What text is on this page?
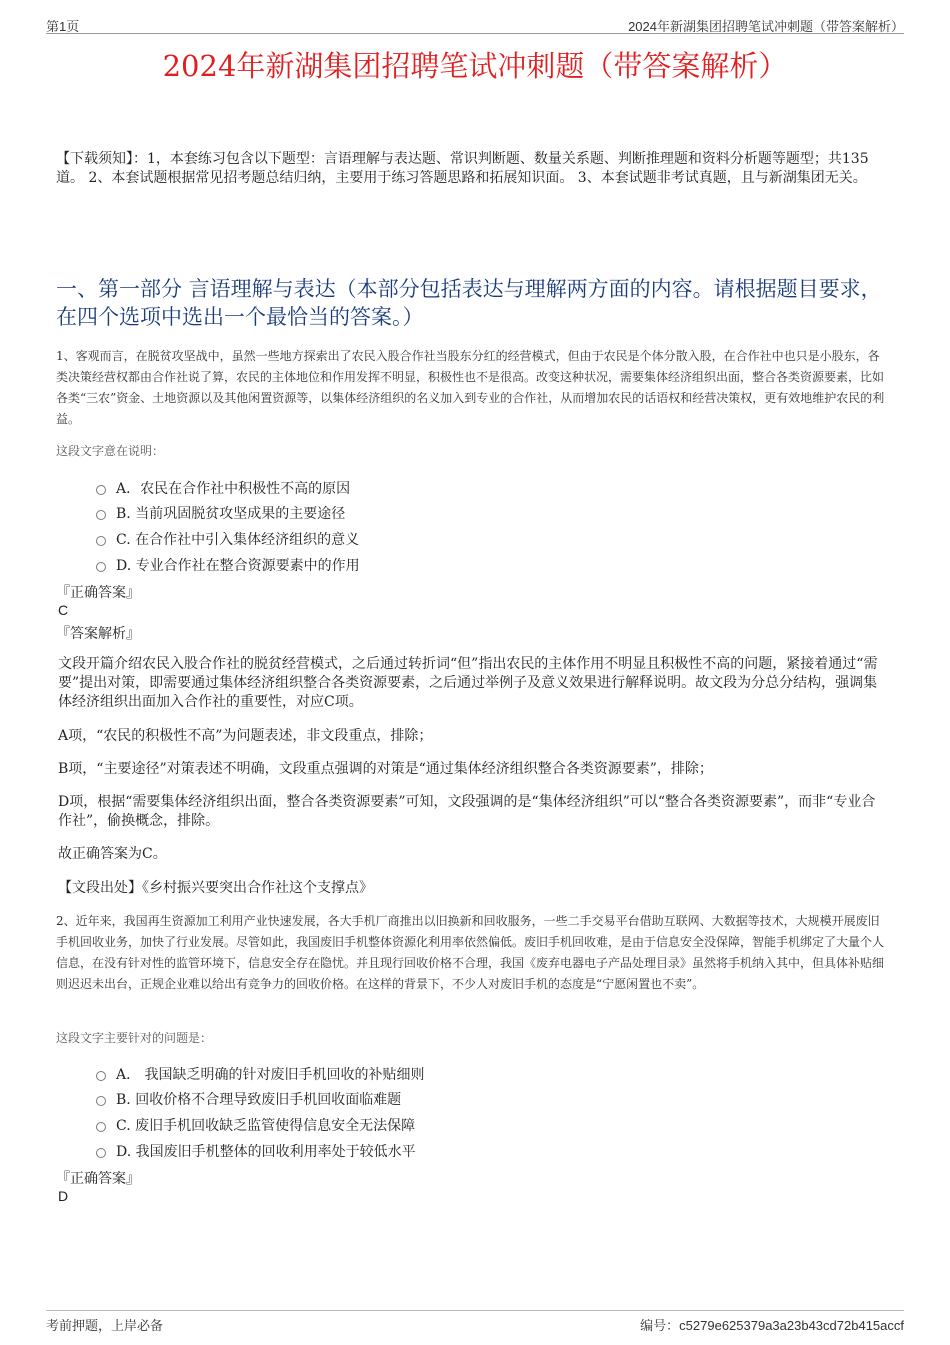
第1页	2024年新湖集团招聘笔试冲刺题（带答案解析）
2024年新湖集团招聘笔试冲刺题（带答案解析）
【下载须知】：1，本套练习包含以下题型：言语理解与表达题、常识判断题、数量关系题、判断推理题和资料分析题等题型；共135道。 2、本套试题根据常见招考题总结归纳，主要用于练习答题思路和拓展知识面。 3、本套试题非考试真题，且与新湖集团无关。
一、第一部分 言语理解与表达（本部分包括表达与理解两方面的内容。请根据题目要求，在四个选项中选出一个最恰当的答案。）
1、客观而言，在脱贫攻坚战中，虽然一些地方探索出了农民入股合作社当股东分红的经营模式，但由于农民是个体分散入股，在合作社中也只是小股东，各类决策经营权都由合作社说了算，农民的主体地位和作用发挥不明显，积极性也不是很高。改变这种状况，需要集体经济组织出面，整合各类资源要素，比如各类“三农”资金、土地资源以及其他闲置资源等，以集体经济组织的名义加入到专业的合作社，从而增加农民的话语权和经营决策权，更有效地维护农民的利益。
这段文字意在说明：
A．农民在合作社中积极性不高的原因
B. 当前巩固脱贫攻坚成果的主要途径
C. 在合作社中引入集体经济组织的意义
D. 专业合作社在整合资源要素中的作用
『正确答案』
C
『答案解析』
文段开篇介绍农民入股合作社的脱贫经营模式，之后通过转折词“但”指出农民的主体作用不明显且积极性不高的问题，紧接着通过“需要”提出对策，即需要通过集体经济组织整合各类资源要素，之后通过举例子及意义效果进行解释说明。故文段为分总分结构，强调集体经济组织出面加入合作社的重要性，对应C项。
A项，“农民的积极性不高”为问题表述，非文段重点，排除；
B项，“主要途径”对策表述不明确，文段重点强调的对策是“通过集体经济组织整合各类资源要素”，排除；
D项，根据“需要集体经济组织出面，整合各类资源要素”可知，文段强调的是“集体经济组织”可以“整合各类资源要素”，而非“专业合作社”，偷换概念，排除。
故正确答案为C。
【文段出处】《乡村振兴要突出合作社这个支撑点》
2、近年来，我国再生资源加工利用产业快速发展，各大手机厂商推出以旧换新和回收服务，一些二手交易平台借助互联网、大数据等技术，大规模开展废旧手机回收业务，加快了行业发展。尽管如此，我国废旧手机整体资源化利用率依然偏低。废旧手机回收难，是由于信息安全没保障，智能手机绑定了大量个人信息，在没有针对性的监管环境下，信息安全存在隐忧。并且现行回收价格不合理，我国《废弃电器电子产品处理目录》虽然将手机纳入其中，但具体补贴细则迟迟未出台，正规企业难以给出有竞争力的回收价格。在这样的背景下，不少人对废旧手机的态度是“宁愿闲置也不卖”。
这段文字主要针对的问题是：
A． 我国缺乏明确的针对废旧手机回收的补贴细则
B. 回收价格不合理导致废旧手机回收面临难题
C. 废旧手机回收缺乏监管使得信息安全无法保障
D. 我国废旧手机整体的回收利用率处于较低水平
『正确答案』
D
考前押题，上岸必备	编号：c5279e625379a3a23b43cd72b415accf
